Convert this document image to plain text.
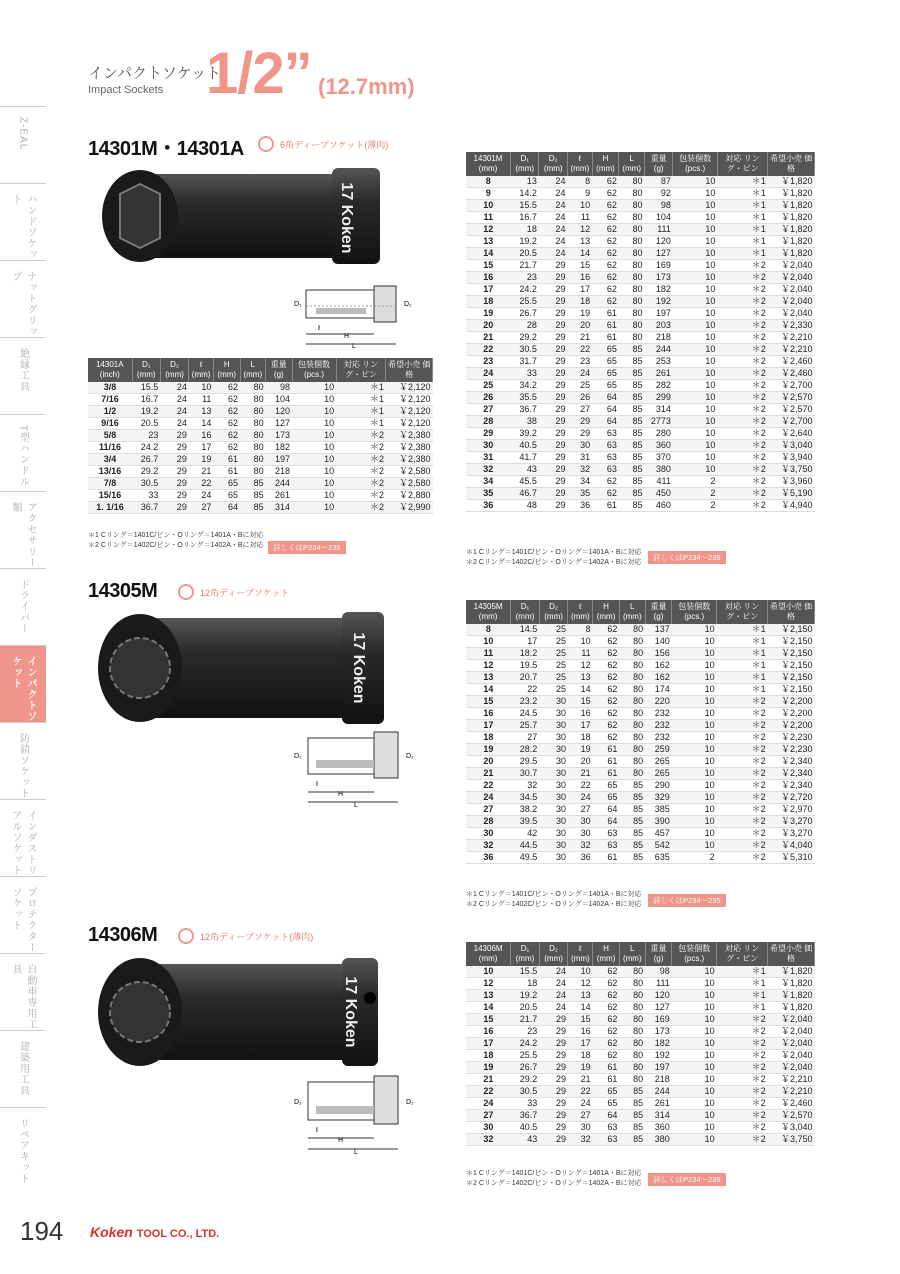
インパクトソケット
Impact Sockets 1/2” (12.7mm)
Z-EAL
ハンドソケット
ナットグリップ
絶縁工具
T型ハンドル
アクセサリー類
ドライバー
インパクトソケット
防錆ソケット
インダストリアルソケット
プロテクターソケット
自動車専用工具
建築用工具
リペアキット
14301M・14301A	6角ディープソケット(薄肉)
17 Koken
D₁	D₂
ℓ
H
L
14301A (inch)	D₁ (mm)	D₂ (mm)	ℓ (mm)	H (mm)	L (mm)	重量 (g)	包装個数 (pcs.)	対応 リング・ピン	希望小売 価格
3/8	15.5	24	10	62	80	98	10	＊1	￥2,120
7/16	16.7	24	11	62	80	104	10	＊1	￥2,120
1/2	19.2	24	13	62	80	120	10	＊1	￥2,120
9/16	20.5	24	14	62	80	127	10	＊1	￥2,120
5/8	23	29	16	62	80	173	10	＊2	￥2,380
11/16	24.2	29	17	62	80	182	10	＊2	￥2,380
3/4	26.7	29	19	61	80	197	10	＊2	￥2,380
13/16	29.2	29	21	61	80	218	10	＊2	￥2,580
7/8	30.5	29	22	65	85	244	10	＊2	￥2,580
15/16	33	29	24	65	85	261	10	＊2	￥2,880
1. 1/16	36.7	29	27	64	85	314	10	＊2	￥2,990
＊1 Cリング＝1401C/ピン・Oリング＝1401A・Bに対応
＊2 Cリング＝1402C/ピン・Oリング＝1402A・Bに対応	詳しくはP234～235
14301M (mm)	D₁ (mm)	D₂ (mm)	ℓ (mm)	H (mm)	L (mm)	重量 (g)	包装個数 (pcs.)	対応 リング・ピン	希望小売 価格
8	13	24	8	62	80	87	10	＊1	￥1,820
9	14.2	24	9	62	80	92	10	＊1	￥1,820
10	15.5	24	10	62	80	98	10	＊1	￥1,820
11	16.7	24	11	62	80	104	10	＊1	￥1,820
12	18	24	12	62	80	111	10	＊1	￥1,820
13	19.2	24	13	62	80	120	10	＊1	￥1,820
14	20.5	24	14	62	80	127	10	＊1	￥1,820
15	21.7	29	15	62	80	169	10	＊2	￥2,040
16	23	29	16	62	80	173	10	＊2	￥2,040
17	24.2	29	17	62	80	182	10	＊2	￥2,040
18	25.5	29	18	62	80	192	10	＊2	￥2,040
19	26.7	29	19	61	80	197	10	＊2	￥2,040
20	28	29	20	61	80	203	10	＊2	￥2,330
21	29.2	29	21	61	80	218	10	＊2	￥2,210
22	30.5	29	22	65	85	244	10	＊2	￥2,210
23	31.7	29	23	65	85	253	10	＊2	￥2,460
24	33	29	24	65	85	261	10	＊2	￥2,460
25	34.2	29	25	65	85	282	10	＊2	￥2,700
26	35.5	29	26	64	85	299	10	＊2	￥2,570
27	36.7	29	27	64	85	314	10	＊2	￥2,570
28	38	29	29	64	85	2773	10	＊2	￥2,700
29	39.2	29	29	63	85	280	10	＊2	￥2,640
30	40.5	29	30	63	85	360	10	＊2	￥3,040
31	41.7	29	31	63	85	370	10	＊2	￥3,940
32	43	29	32	63	85	380	10	＊2	￥3,750
34	45.5	29	34	62	85	411	2	＊2	￥3,960
35	46.7	29	35	62	85	450	2	＊2	￥5,190
36	48	29	36	61	85	460	2	＊2	￥4,940
＊1 Cリング＝1401C/ピン・Oリング＝1401A・Bに対応
＊2 Cリング＝1402C/ピン・Oリング＝1402A・Bに対応
詳しくはP234～235
14305M	12角ディープソケット
17 Koken
D₁	D₂
ℓ
H
L
14305M (mm)	D₁ (mm)	D₂ (mm)	ℓ (mm)	H (mm)	L (mm)	重量 (g)	包装個数 (pcs.)	対応 リング・ピン	希望小売 価格
8	14.5	25	8	62	80	137	10	＊1	￥2,150
10	17	25	10	62	80	140	10	＊1	￥2,150
11	18.2	25	11	62	80	156	10	＊1	￥2,150
12	19.5	25	12	62	80	162	10	＊1	￥2,150
13	20.7	25	13	62	80	162	10	＊1	￥2,150
14	22	25	14	62	80	174	10	＊1	￥2,150
15	23.2	30	15	62	80	220	10	＊2	￥2,200
16	24.5	30	16	62	80	232	10	＊2	￥2,200
17	25.7	30	17	62	80	232	10	＊2	￥2,200
18	27	30	18	62	80	232	10	＊2	￥2,230
19	28.2	30	19	61	80	259	10	＊2	￥2,230
20	29.5	30	20	61	80	265	10	＊2	￥2,340
21	30.7	30	21	61	80	265	10	＊2	￥2,340
22	32	30	22	65	85	290	10	＊2	￥2,340
24	34.5	30	24	65	85	329	10	＊2	￥2,720
27	38.2	30	27	64	85	385	10	＊2	￥2,970
28	39.5	30	30	64	85	390	10	＊2	￥3,270
30	42	30	30	63	85	457	10	＊2	￥3,270
32	44.5	30	32	63	85	542	10	＊2	￥4,040
36	49.5	30	36	61	85	635	2	＊2	￥5,310
＊1 Cリング＝1401C/ピン・Oリング＝1401A・Bに対応
＊2 Cリング＝1402C/ピン・Oリング＝1402A・Bに対応	詳しくはP234～235
14306M	12角ディープソケット(薄肉)
17 Koken
D₁	D₂
ℓ
H
L
14306M (mm)	D₁ (mm)	D₂ (mm)	ℓ (mm)	H (mm)	L (mm)	重量 (g)	包装個数 (pcs.)	対応 リング・ピン	希望小売 価格
10	15.5	24	10	62	80	98	10	＊1	￥1,820
12	18	24	12	62	80	111	10	＊1	￥1,820
13	19.2	24	13	62	80	120	10	＊1	￥1,820
14	20.5	24	14	62	80	127	10	＊1	￥1,820
15	21.7	29	15	62	80	169	10	＊2	￥2,040
16	23	29	16	62	80	173	10	＊2	￥2,040
17	24.2	29	17	62	80	182	10	＊2	￥2,040
18	25.5	29	18	62	80	192	10	＊2	￥2,040
19	26.7	29	19	61	80	197	10	＊2	￥2,040
21	29.2	29	21	61	80	218	10	＊2	￥2,210
22	30.5	29	22	65	85	244	10	＊2	￥2,210
24	33	29	24	65	85	261	10	＊2	￥2,460
27	36.7	29	27	64	85	314	10	＊2	￥2,570
30	40.5	29	30	63	85	360	10	＊2	￥3,040
32	43	29	32	63	85	380	10	＊2	￥3,750
＊1 Cリング＝1401C/ピン・Oリング＝1401A・Bに対応
＊2 Cリング＝1402C/ピン・Oリング＝1402A・Bに対応	詳しくはP234～235
194 Koken TOOL CO., LTD.
